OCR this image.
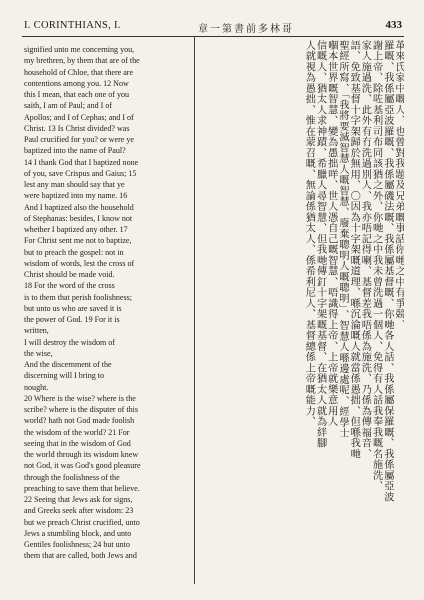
I. CORINTHIANS, I.	章一第書前多林哥	433
signified unto me concerning you,
my brethren, by them that are of the
household of Chloe, that there are
contentions among you. 12 Now
this I mean, that each one of you
saith, I am of Paul; and I of
Apollos; and I of Cephas; and I of
Christ. 13 Is Christ divided? was
Paul crucified for you? or were ye
baptized into the name of Paul?
14 I thank God that I baptized none
of you, save Crispus and Gaius; 15
lest any man should say that ye
were baptized into my name. 16
And I baptized also the household
of Stephanas: besides, I know not
whether I baptized any other. 17
For Christ sent me not to baptize,
but to preach the gospel: not in
wisdom of words, lest the cross of
Christ should be made void.
18 For the word of the cross
is to them that perish foolishness;
but unto us who are saved it is
the power of God. 19 For it is
written,
I will destroy the wisdom of
the wise,
And the discernment of the
discerning will I bring to
nought.
20 Where is the wise? where is the
scribe? where is the disputer of this
world? hath not God made foolish
the wisdom of the world? 21 For
seeing that in the wisdom of God
the world through its wisdom knew
not God, it was God's good pleasure
through the foolishness of the
preaching to save them that believe.
22 Seeing that Jews ask for signs,
and Greeks seek after wisdom: 23
but we preach Christ crucified, unto
Jews a stumbling block, and unto
Gentiles foolishness; 24 but unto
them that are called, both Jews and
革來氏家中嘅人、也曾對我題及兄弟嘅事話你哋之中有爭競、
羅嘅、我係屬亞波羅嘅、我係屬磯法嘅、我係屬基督嘅、你哋各人話、我係屬保羅嘅、我係屬亞波
謝上帝、除咗基利司布同該猶之外、你哋之中我未曾洗過一個人、免得有人話我奉我嘅名施洗、
家人施過洗、此外有冇洗過別人、我亦唔記得喇、基督差我唔係為施洗、乃係為傳福音、
語、免致基督十字架歸於無用、〇因為十字架嘅道理、喺沉淪嘅人就當係愚拙、但喺我哋
聖經所寫、「我將要滅智慧人嘅智慧、廢棄聰明人嘅聰明」、智慧人喺邊處呢、經學士
嗰本世界嘅智慧、變為愚拙咩、世人憑自己嘅智慧、唔識得上帝、上帝就樂意用人
信嘅人、猶太人求神蹟、希臘人尋智慧、但我哋傳釘十字架嘅基督、在猶太人就為絆腳
人就視為愚拙、惟在蒙召嘅、無論係猶太人、係希利尼人、基督總係上帝嘅能力、
